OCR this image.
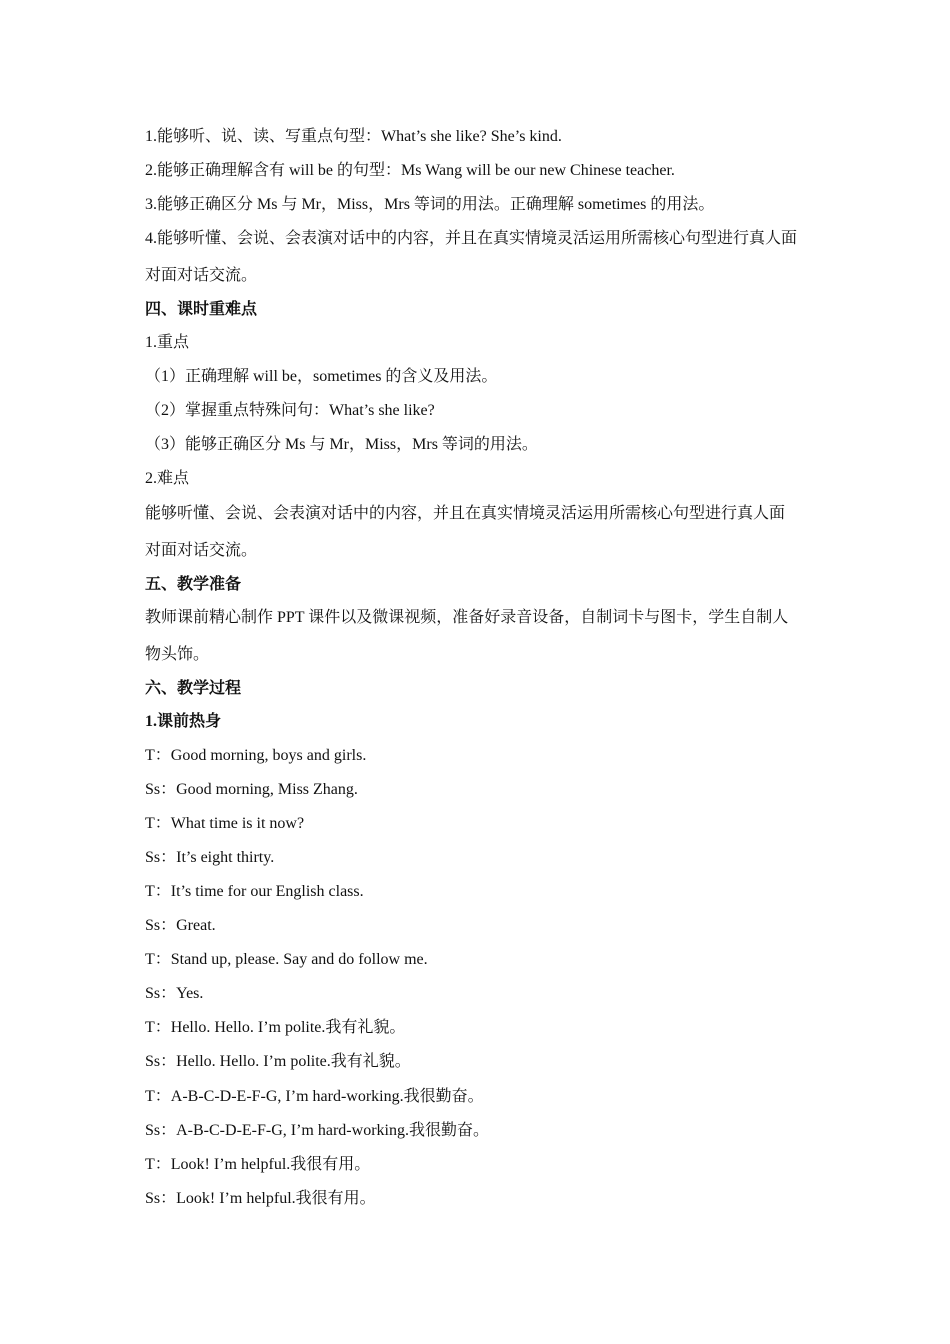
1.能够听、说、读、写重点句型：What’s she like? She’s kind.
2.能够正确理解含有 will be 的句型：Ms Wang will be our new Chinese teacher.
3.能够正确区分 Ms 与 Mr，Miss，Mrs 等词的用法。正确理解 sometimes 的用法。
4.能够听懂、会说、会表演对话中的内容，并且在真实情境灵活运用所需核心句型进行真人面
对面对话交流。
四、课时重难点
1.重点
（1）正确理解 will be，sometimes 的含义及用法。
（2）掌握重点特殊问句：What’s she like?
（3）能够正确区分 Ms 与 Mr，Miss，Mrs 等词的用法。
2.难点
能够听懂、会说、会表演对话中的内容，并且在真实情境灵活运用所需核心句型进行真人面
对面对话交流。
五、教学准备
教师课前精心制作 PPT 课件以及微课视频，准备好录音设备，自制词卡与图卡，学生自制人
物头饰。
六、教学过程
1.课前热身
T：Good morning, boys and girls.
Ss：Good morning, Miss Zhang.
T：What time is it now?
Ss：It’s eight thirty.
T：It’s time for our English class.
Ss：Great.
T：Stand up, please. Say and do follow me.
Ss：Yes.
T：Hello. Hello. I’m polite.我有礼貌。
Ss：Hello. Hello. I’m polite.我有礼貌。
T：A-B-C-D-E-F-G, I’m hard-working.我很勤奋。
Ss：A-B-C-D-E-F-G, I’m hard-working.我很勤奋。
T：Look! I’m helpful.我很有用。
Ss：Look! I’m helpful.我很有用。
